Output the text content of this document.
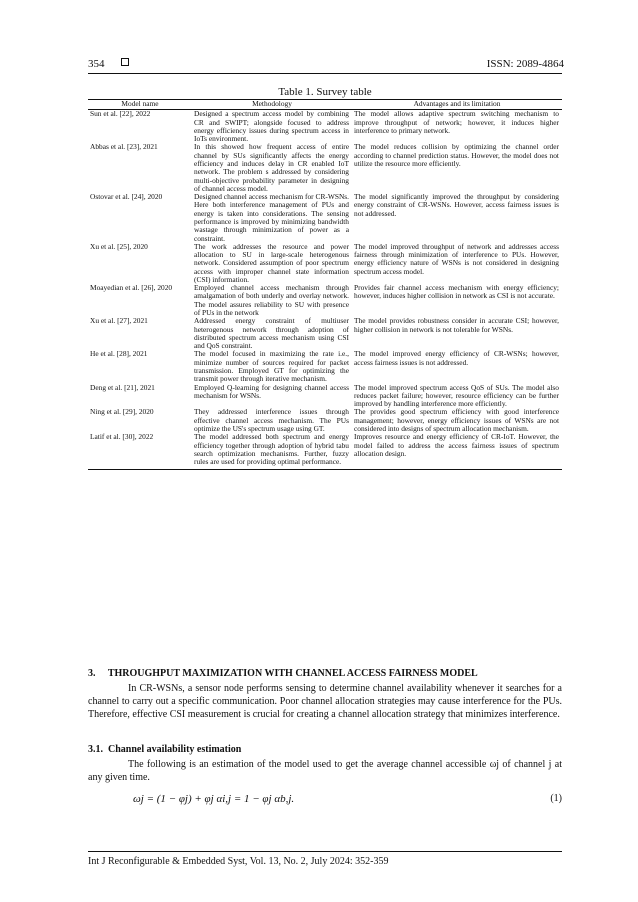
354	ISSN: 2089-4864
Table 1. Survey table
Model name	Methodology	Advantages and its limitation
Sun et al. [22], 2022	Designed a spectrum access model by combining CR and SWIPT; alongside focused to address energy efficiency issues during spectrum access in IoTs environment.	The model allows adaptive spectrum switching mechanism to improve throughput of network; however, it induces higher interference to primary network.
Abbas et al. [23], 2021	In this showed how frequent access of entire channel by SUs significantly affects the energy efficiency and induces delay in CR enabled IoT network. The problem s addressed by considering multi-objective probability parameter in designing of channel access model.	The model reduces collision by optimizing the channel order according to channel prediction status. However, the model does not utilize the resource more efficiently.
Ostovar et al. [24], 2020	Designed channel access mechanism for CR-WSNs. Here both interference management of PUs and energy is taken into considerations. The sensing performance is improved by minimizing bandwidth wastage through minimization of power as a constraint.	The model significantly improved the throughput by considering energy constraint of CR-WSNs. However, access fairness issues is not addressed.
Xu et al. [25], 2020	The work addresses the resource and power allocation to SU in large-scale heterogenous network. Considered assumption of poor spectrum access with improper channel state information (CSI) information.	The model improved throughput of network and addresses access fairness through minimization of interference to PUs. However, energy efficiency nature of WSNs is not considered in designing spectrum access model.
Moayedian et al. [26], 2020	Employed channel access mechanism through amalgamation of both underly and overlay network. The model assures reliability to SU with presence of PUs in the network	Provides fair channel access mechanism with energy efficiency; however, induces higher collision in network as CSI is not accurate.
Xu et al. [27], 2021	Addressed energy constraint of multiuser heterogenous network through adoption of distributed spectrum access mechanism using CSI and QoS constraint.	The model provides robustness consider in accurate CSI; however, higher collision in network is not tolerable for WSNs.
He et al. [28], 2021	The model focused in maximizing the rate i.e., minimize number of sources required for packet transmission. Employed GT for optimizing the transmit power through iterative mechanism.	The model improved energy efficiency of CR-WSNs; however, access fairness issues is not addressed.
Deng et al. [21], 2021	Employed Q-learning for designing channel access mechanism for WSNs.	The model improved spectrum access QoS of SUs. The model also reduces packet failure; however, resource efficiency can be further improved by handling interference more efficiently.
Ning et al. [29], 2020	They addressed interference issues through effective channel access mechanism. The PUs optimize the US's spectrum usage using GT.	The provides good spectrum efficiency with good interference management; however, energy efficiency issues of WSNs are not considered into designs of spectrum allocation mechanism.
Latif et al. [30], 2022	The model addressed both spectrum and energy efficiency together through adoption of hybrid tabu search optimization mechanisms. Further, fuzzy rules are used for providing optimal performance.	Improves resource and energy efficiency of CR-IoT. However, the model failed to address the access fairness issues of spectrum allocation design.
3.     THROUGHPUT MAXIMIZATION WITH CHANNEL ACCESS FAIRNESS MODEL
In CR-WSNs, a sensor node performs sensing to determine channel availability whenever it searches for a channel to carry out a specific communication. Poor channel allocation strategies may cause interference for the PUs. Therefore, effective CSI measurement is crucial for creating a channel allocation strategy that minimizes interference.
3.1.  Channel availability estimation
The following is an estimation of the model used to get the average channel accessible ωj of channel j at any given time.
ωj = (1 − φj) + φj αi,j = 1 − φj αb,j.	(1)
Int J Reconfigurable & Embedded Syst, Vol. 13, No. 2, July 2024: 352-359
